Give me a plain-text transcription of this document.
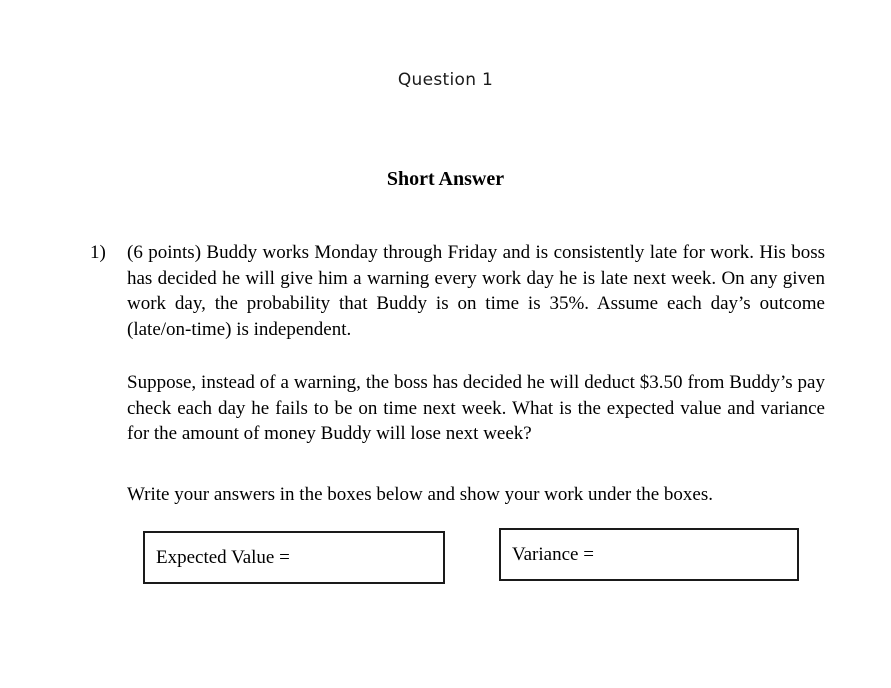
Question 1
Short Answer
1)	(6 points) Buddy works Monday through Friday and is consistently late for work. His boss has decided he will give him a warning every work day he is late next week. On any given work day, the probability that Buddy is on time is 35%. Assume each day’s outcome (late/on-time) is independent.

Suppose, instead of a warning, the boss has decided he will deduct $3.50 from Buddy’s pay check each day he fails to be on time next week. What is the expected value and variance for the amount of money Buddy will lose next week?

Write your answers in the boxes below and show your work under the boxes.
Expected Value =	Variance =
